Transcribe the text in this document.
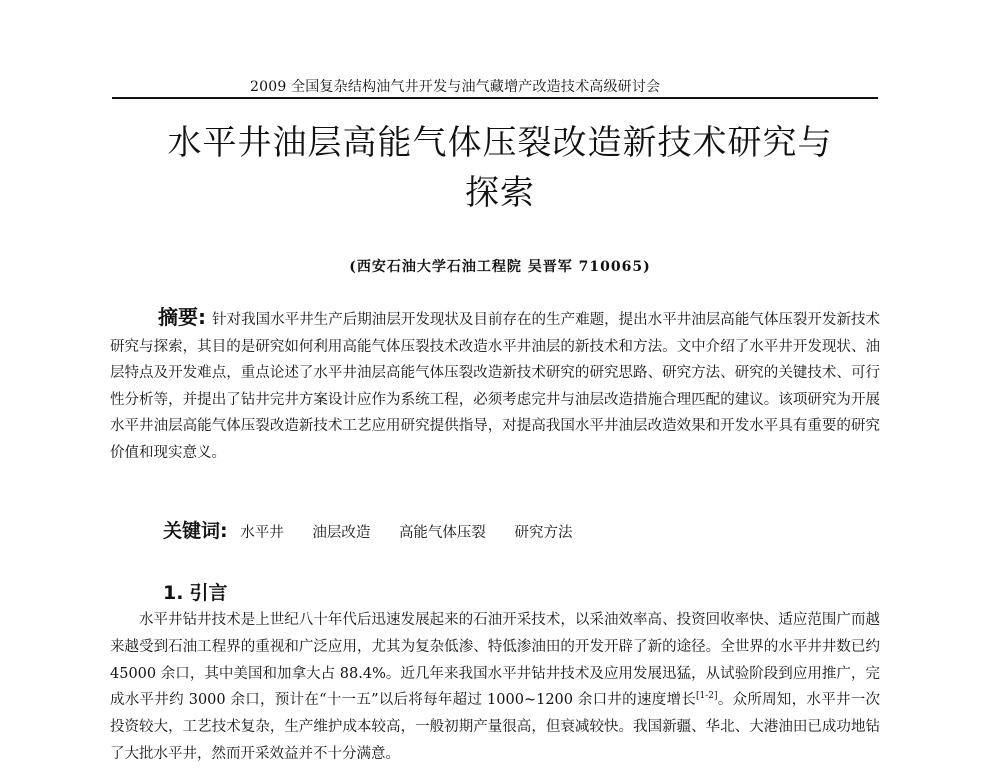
2009 全国复杂结构油气井开发与油气藏增产改造技术高级研讨会
水平井油层高能气体压裂改造新技术研究与
探索
(西安石油大学石油工程院 吴晋军 710065)
摘要: 针对我国水平井生产后期油层开发现状及目前存在的生产难题，提出水平井油层高能气体压裂开发新技术研究与探索，其目的是研究如何利用高能气体压裂技术改造水平井油层的新技术和方法。文中介绍了水平井开发现状、油层特点及开发难点，重点论述了水平井油层高能气体压裂改造新技术研究的研究思路、研究方法、研究的关键技术、可行性分析等，并提出了钻井完井方案设计应作为系统工程，必须考虑完井与油层改造措施合理匹配的建议。该项研究为开展水平井油层高能气体压裂改造新技术工艺应用研究提供指导，对提高我国水平井油层改造效果和开发水平具有重要的研究价值和现实意义。
关键词: 水平井 油层改造 高能气体压裂 研究方法
1. 引言
水平井钻井技术是上世纪八十年代后迅速发展起来的石油开采技术，以采油效率高、投资回收率快、适应范围广而越来越受到石油工程界的重视和广泛应用，尤其为复杂低渗、特低渗油田的开发开辟了新的途径。全世界的水平井井数已约 45000 余口，其中美国和加拿大占 88.4%。近几年来我国水平井钻井技术及应用发展迅猛，从试验阶段到应用推广，完成水平井约 3000 余口，预计在“十一五”以后将每年超过 1000~1200 余口井的速度增长[1-2]。众所周知，水平井一次投资较大，工艺技术复杂，生产维护成本较高，一般初期产量很高，但衰减较快。我国新疆、华北、大港油田已成功地钻了大批水平井，然而开采效益并不十分满意。
